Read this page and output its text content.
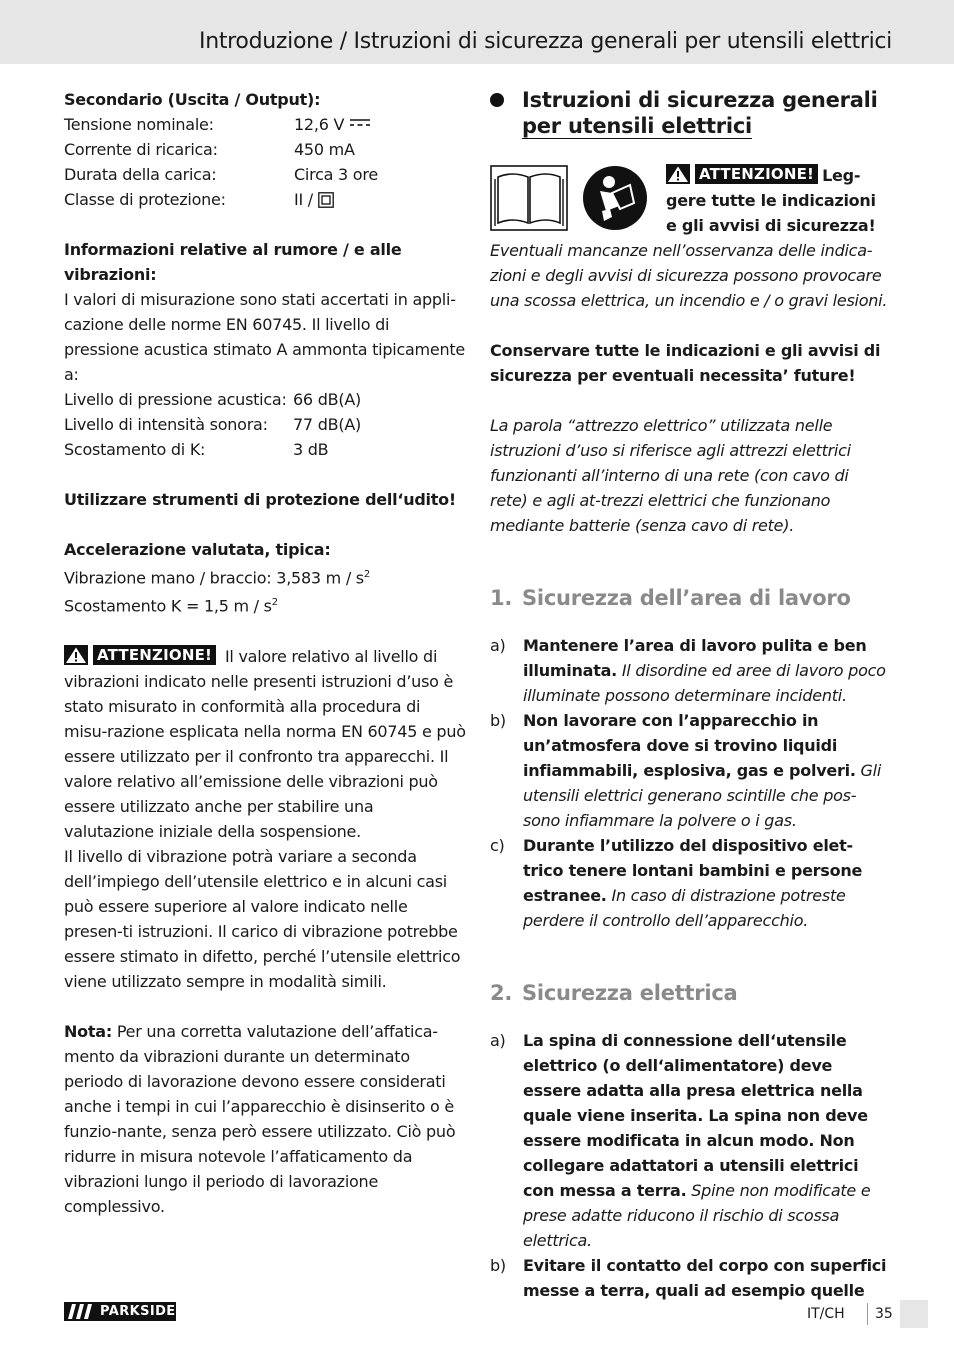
Introduzione / Istruzioni di sicurezza generali per utensili elettrici

Secondario (Uscita / Output):

Tensione nominale:	12,6 V
Corrente di ricarica:	450 mA
Durata della carica:	Circa 3 ore
Classe di protezione:	II /

Informazioni relative al rumore / e alle vibrazioni:

I valori di misurazione sono stati accertati in appli-cazione delle norme EN 60745. Il livello di pressione acustica stimato A ammonta tipicamente a:

Livello di pressione acustica: 66 dB(A)
Livello di intensità sonora:	77 dB(A)
Scostamento di K:	3 dB

Utilizzare strumenti di protezione dell‘udito!

Accelerazione valutata, tipica:

Vibrazione mano / braccio: 3,583 m / $s^2$

Scostamento K = 1,5 m / $s^2$

ATTENZIONE! Il valore relativo al livello di vibrazioni indicato nelle presenti istruzioni d’uso è stato misurato in conformità alla procedura di misu-razione esplicata nella norma EN 60745 e può essere utilizzato per il confronto tra apparecchi. Il valore relativo all’emissione delle vibrazioni può essere utilizzato anche per stabilire una valutazione iniziale della sospensione.

Il livello di vibrazione potrà variare a seconda dell’impiego dell’utensile elettrico e in alcuni casi può essere superiore al valore indicato nelle presen-ti istruzioni. Il carico di vibrazione potrebbe essere stimato in difetto, perché l’utensile elettrico viene utilizzato sempre in modalità simili.

Nota: Per una corretta valutazione dell’affatica-mento da vibrazioni durante un determinato periodo di lavorazione devono essere considerati anche i tempi in cui l’apparecchio è disinserito o è funzio-nante, senza però essere utilizzato. Ciò può ridurre in misura notevole l’affaticamento da vibrazioni lungo il periodo di lavorazione complessivo.

Istruzioni di sicurezza generali
per utensili elettrici
ATTENZIONE! Leg-
gere tutte le indicazioni
e gli avvisi di sicurezza!

Eventuali mancanze nell’osservanza delle indica-zioni e degli avvisi di sicurezza possono provocare una scossa elettrica, un incendio e / o gravi lesioni.

Conservare tutte le indicazioni e gli avvisi di sicurezza per eventuali necessita’ future!

La parola “attrezzo elettrico” utilizzata nelle istruzioni d’uso si riferisce agli attrezzi elettrici funzionanti all’interno di una rete (con cavo di rete) e agli at-trezzi elettrici che funzionano mediante batterie (senza cavo di rete).

1. Sicurezza dell’area di lavoro
a)	Mantenere l’area di lavoro pulita e ben illuminata. Il disordine ed aree di lavoro poco illuminate possono determinare incidenti.

b)	Non lavorare con l’apparecchio in un’atmosfera dove si trovino liquidi infiammabili, esplosiva, gas e polveri. Gli utensili elettrici generano scintille che pos-sono infiammare la polvere o i gas.

c)	Durante l’utilizzo del dispositivo elet-trico tenere lontani bambini e persone estranee. In caso di distrazione potreste perdere il controllo dell’apparecchio.

2. Sicurezza elettrica
a)	La spina di connessione dell‘utensile elettrico (o dell‘alimentatore) deve essere adatta alla presa elettrica nella quale viene inserita. La spina non deve essere modificata in alcun modo. Non collegare adattatori a utensili elettrici con messa a terra. Spine non modificate e prese adatte riducono il rischio di scossa elettrica.

b)	Evitare il contatto del corpo con superfici messe a terra, quali ad esempio quelle

PARKSIDE	IT/CH 35
